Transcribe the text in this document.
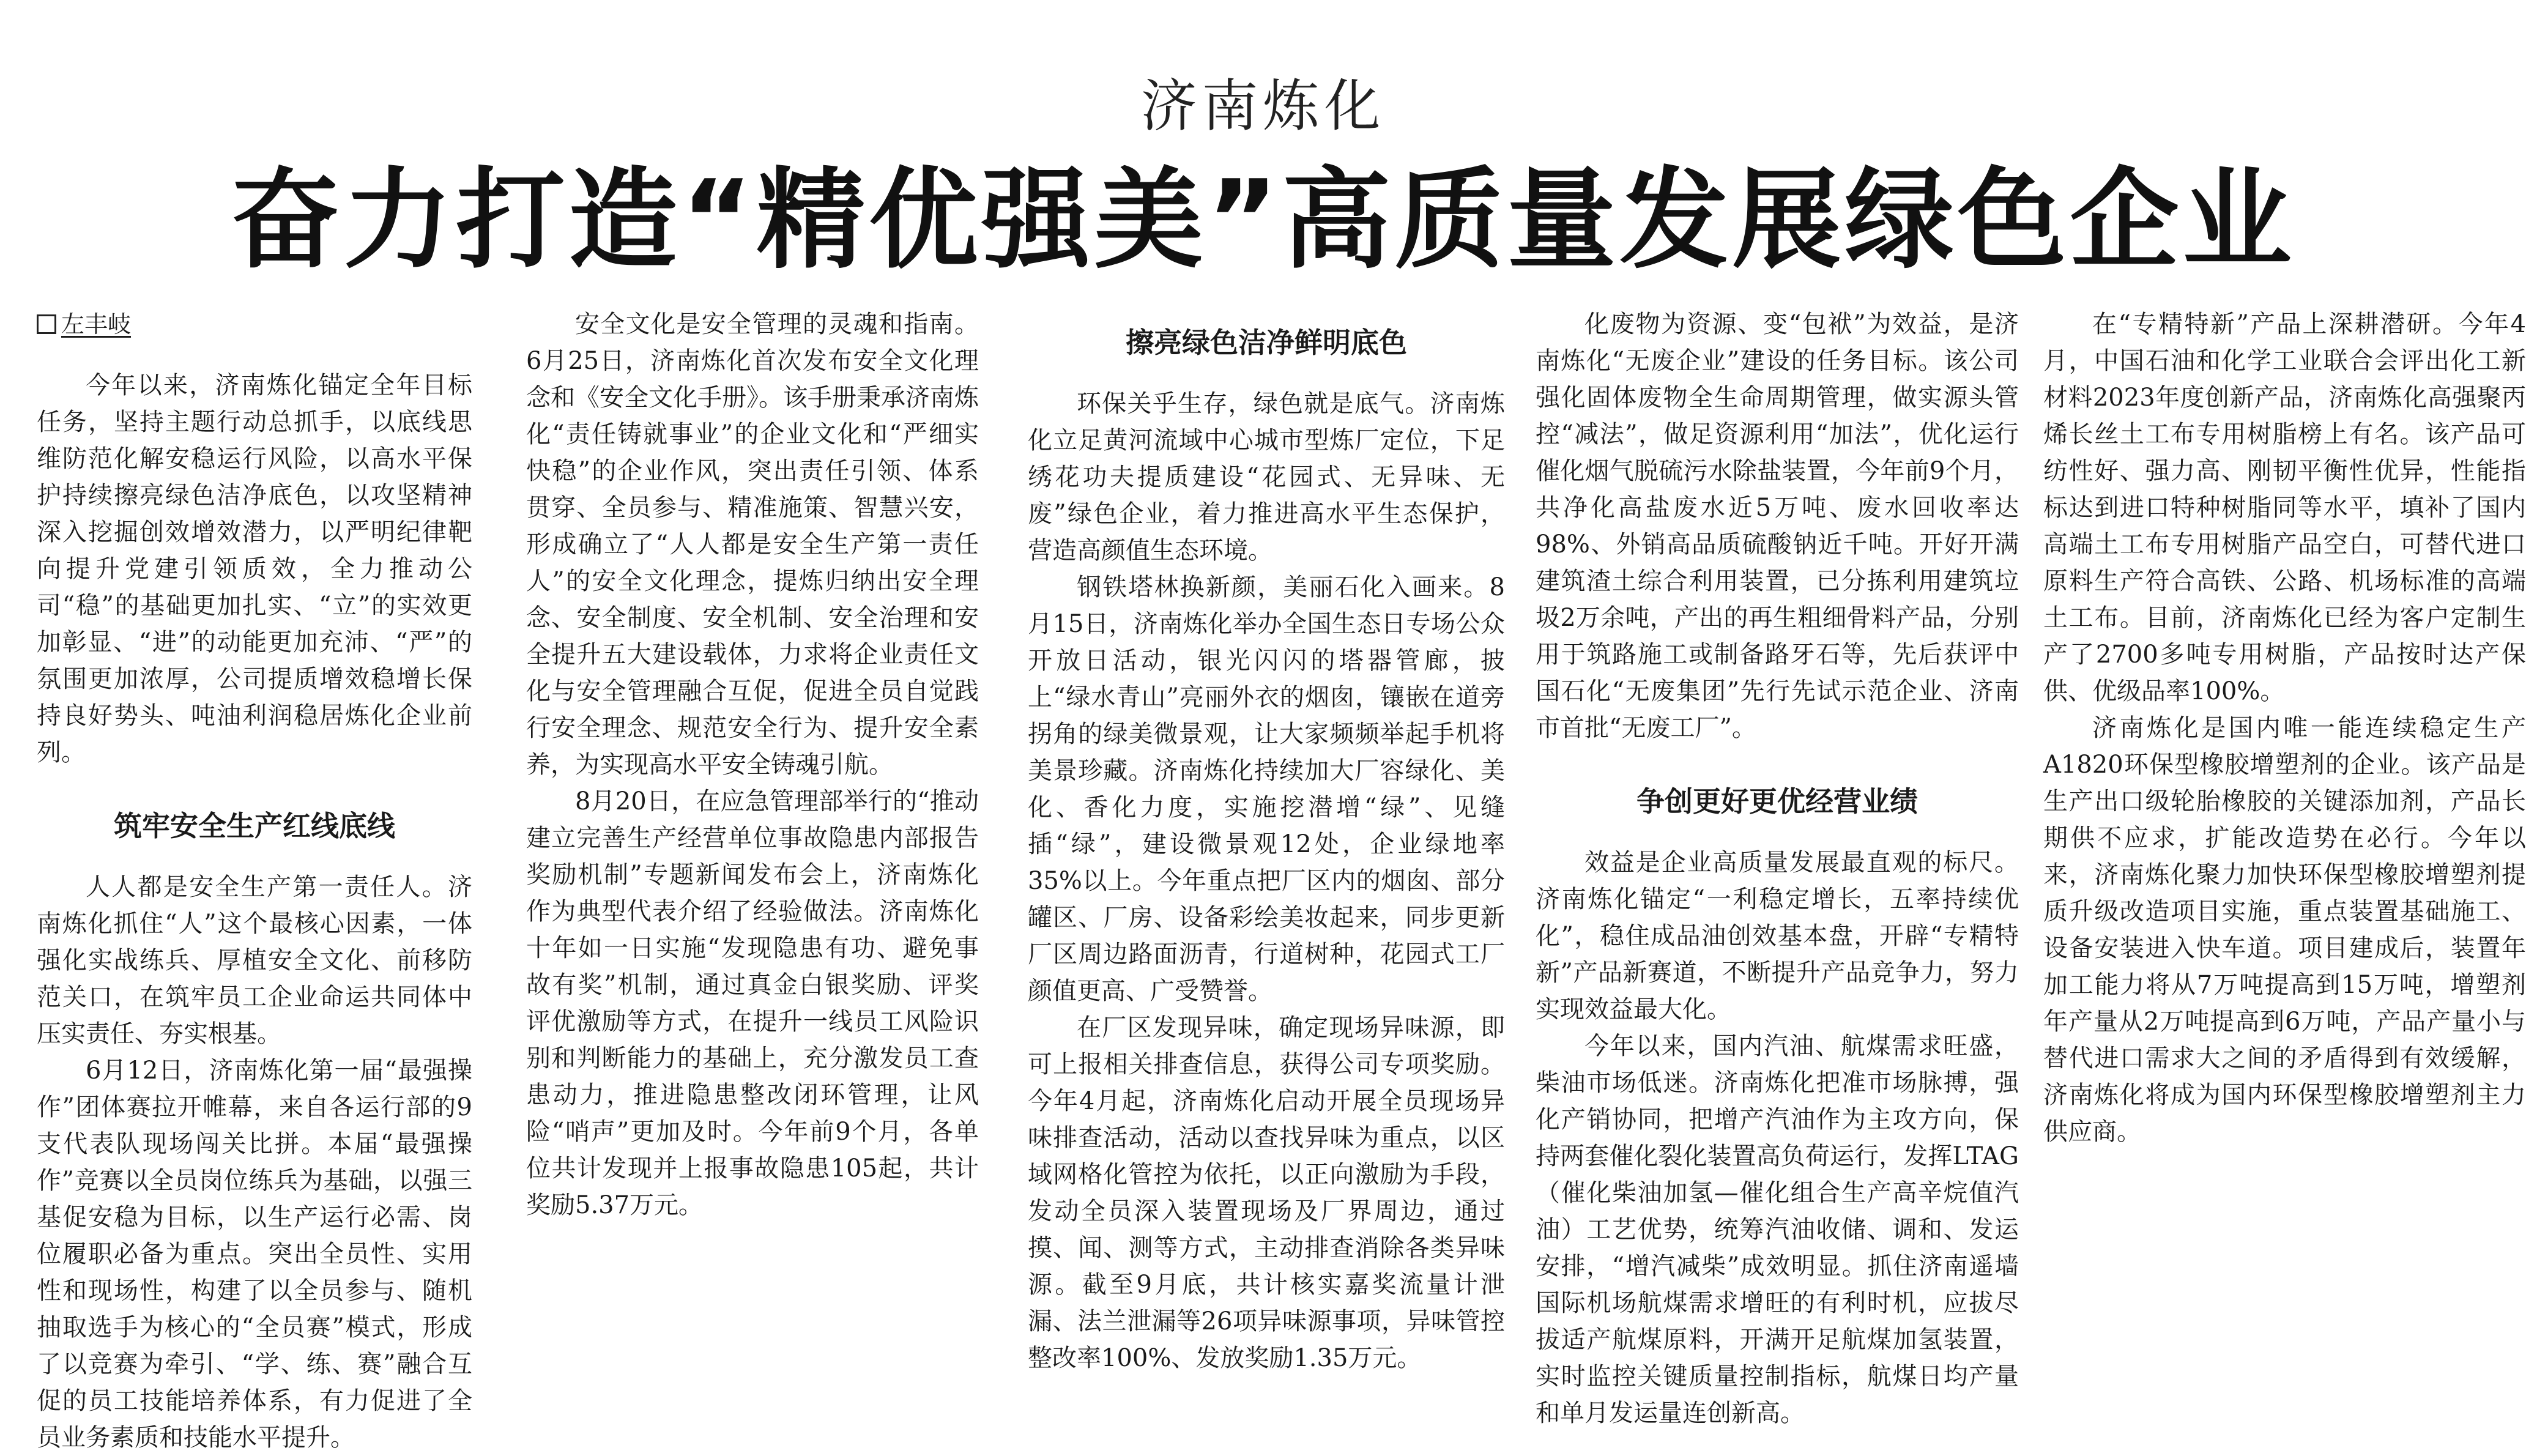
济南炼化
奋力打造“精优强美”高质量发展绿色企业
左丰岐

今年以来，济南炼化锚定全年目标任务，坚持主题行动总抓手，以底线思维防范化解安稳运行风险，以高水平保护持续擦亮绿色洁净底色，以攻坚精神深入挖掘创效增效潜力，以严明纪律靶向提升党建引领质效，全力推动公司“稳”的基础更加扎实、“立”的实效更加彰显、“进”的动能更加充沛、“严”的氛围更加浓厚，公司提质增效稳增长保持良好势头、吨油利润稳居炼化企业前列。

筑牢安全生产红线底线

人人都是安全生产第一责任人。济南炼化抓住“人”这个最核心因素，一体强化实战练兵、厚植安全文化、前移防范关口，在筑牢员工企业命运共同体中压实责任、夯实根基。

6月12日，济南炼化第一届“最强操作”团体赛拉开帷幕，来自各运行部的9支代表队现场闯关比拼。本届“最强操作”竞赛以全员岗位练兵为基础，以强三基促安稳为目标，以生产运行必需、岗位履职必备为重点。突出全员性、实用性和现场性，构建了以全员参与、随机抽取选手为核心的“全员赛”模式，形成了以竞赛为牵引、“学、练、赛”融合互促的员工技能培养体系，有力促进了全员业务素质和技能水平提升。

安全文化是安全管理的灵魂和指南。6月25日，济南炼化首次发布安全文化理念和《安全文化手册》。该手册秉承济南炼化“责任铸就事业”的企业文化和“严细实快稳”的企业作风，突出责任引领、体系贯穿、全员参与、精准施策、智慧兴安，形成确立了“人人都是安全生产第一责任人”的安全文化理念，提炼归纳出安全理念、安全制度、安全机制、安全治理和安全提升五大建设载体，力求将企业责任文化与安全管理融合互促，促进全员自觉践行安全理念、规范安全行为、提升安全素养，为实现高水平安全铸魂引航。

8月20日，在应急管理部举行的“推动建立完善生产经营单位事故隐患内部报告奖励机制”专题新闻发布会上，济南炼化作为典型代表介绍了经验做法。济南炼化十年如一日实施“发现隐患有功、避免事故有奖”机制，通过真金白银奖励、评奖评优激励等方式，在提升一线员工风险识别和判断能力的基础上，充分激发员工查患动力，推进隐患整改闭环管理，让风险“哨声”更加及时。今年前9个月，各单位共计发现并上报事故隐患105起，共计奖励5.37万元。

擦亮绿色洁净鲜明底色

环保关乎生存，绿色就是底气。济南炼化立足黄河流域中心城市型炼厂定位，下足绣花功夫提质建设“花园式、无异味、无废”绿色企业，着力推进高水平生态保护，营造高颜值生态环境。

钢铁塔林换新颜，美丽石化入画来。8月15日，济南炼化举办全国生态日专场公众开放日活动，银光闪闪的塔器管廊，披上“绿水青山”亮丽外衣的烟囱，镶嵌在道旁拐角的绿美微景观，让大家频频举起手机将美景珍藏。济南炼化持续加大厂容绿化、美化、香化力度，实施挖潜增“绿”、见缝插“绿”，建设微景观12处，企业绿地率35%以上。今年重点把厂区内的烟囱、部分罐区、厂房、设备彩绘美妆起来，同步更新厂区周边路面沥青，行道树种，花园式工厂颜值更高、广受赞誉。

在厂区发现异味，确定现场异味源，即可上报相关排查信息，获得公司专项奖励。今年4月起，济南炼化启动开展全员现场异味排查活动，活动以查找异味为重点，以区域网格化管控为依托，以正向激励为手段，发动全员深入装置现场及厂界周边，通过摸、闻、测等方式，主动排查消除各类异味源。截至9月底，共计核实嘉奖流量计泄漏、法兰泄漏等26项异味源事项，异味管控整改率100%、发放奖励1.35万元。

化废物为资源、变“包袱”为效益，是济南炼化“无废企业”建设的任务目标。该公司强化固体废物全生命周期管理，做实源头管控“减法”，做足资源利用“加法”，优化运行催化烟气脱硫污水除盐装置，今年前9个月，共净化高盐废水近5万吨、废水回收率达98%、外销高品质硫酸钠近千吨。开好开满建筑渣土综合利用装置，已分拣利用建筑垃圾2万余吨，产出的再生粗细骨料产品，分别用于筑路施工或制备路牙石等，先后获评中国石化“无废集团”先行先试示范企业、济南市首批“无废工厂”。

争创更好更优经营业绩

效益是企业高质量发展最直观的标尺。济南炼化锚定“一利稳定增长，五率持续优化”，稳住成品油创效基本盘，开辟“专精特新”产品新赛道，不断提升产品竞争力，努力实现效益最大化。

今年以来，国内汽油、航煤需求旺盛，柴油市场低迷。济南炼化把准市场脉搏，强化产销协同，把增产汽油作为主攻方向，保持两套催化裂化装置高负荷运行，发挥LTAG（催化柴油加氢—催化组合生产高辛烷值汽油）工艺优势，统筹汽油收储、调和、发运安排，“增汽减柴”成效明显。抓住济南遥墙国际机场航煤需求增旺的有利时机，应拔尽拔适产航煤原料，开满开足航煤加氢装置，实时监控关键质量控制指标，航煤日均产量和单月发运量连创新高。

在“专精特新”产品上深耕潜研。今年4月，中国石油和化学工业联合会评出化工新材料2023年度创新产品，济南炼化高强聚丙烯长丝土工布专用树脂榜上有名。该产品可纺性好、强力高、刚韧平衡性优异，性能指标达到进口特种树脂同等水平，填补了国内高端土工布专用树脂产品空白，可替代进口原料生产符合高铁、公路、机场标准的高端土工布。目前，济南炼化已经为客户定制生产了2700多吨专用树脂，产品按时达产保供、优级品率100%。

济南炼化是国内唯一能连续稳定生产A1820环保型橡胶增塑剂的企业。该产品是生产出口级轮胎橡胶的关键添加剂，产品长期供不应求，扩能改造势在必行。今年以来，济南炼化聚力加快环保型橡胶增塑剂提质升级改造项目实施，重点装置基础施工、设备安装进入快车道。项目建成后，装置年加工能力将从7万吨提高到15万吨，增塑剂年产量从2万吨提高到6万吨，产品产量小与替代进口需求大之间的矛盾得到有效缓解，济南炼化将成为国内环保型橡胶增塑剂主力供应商。
